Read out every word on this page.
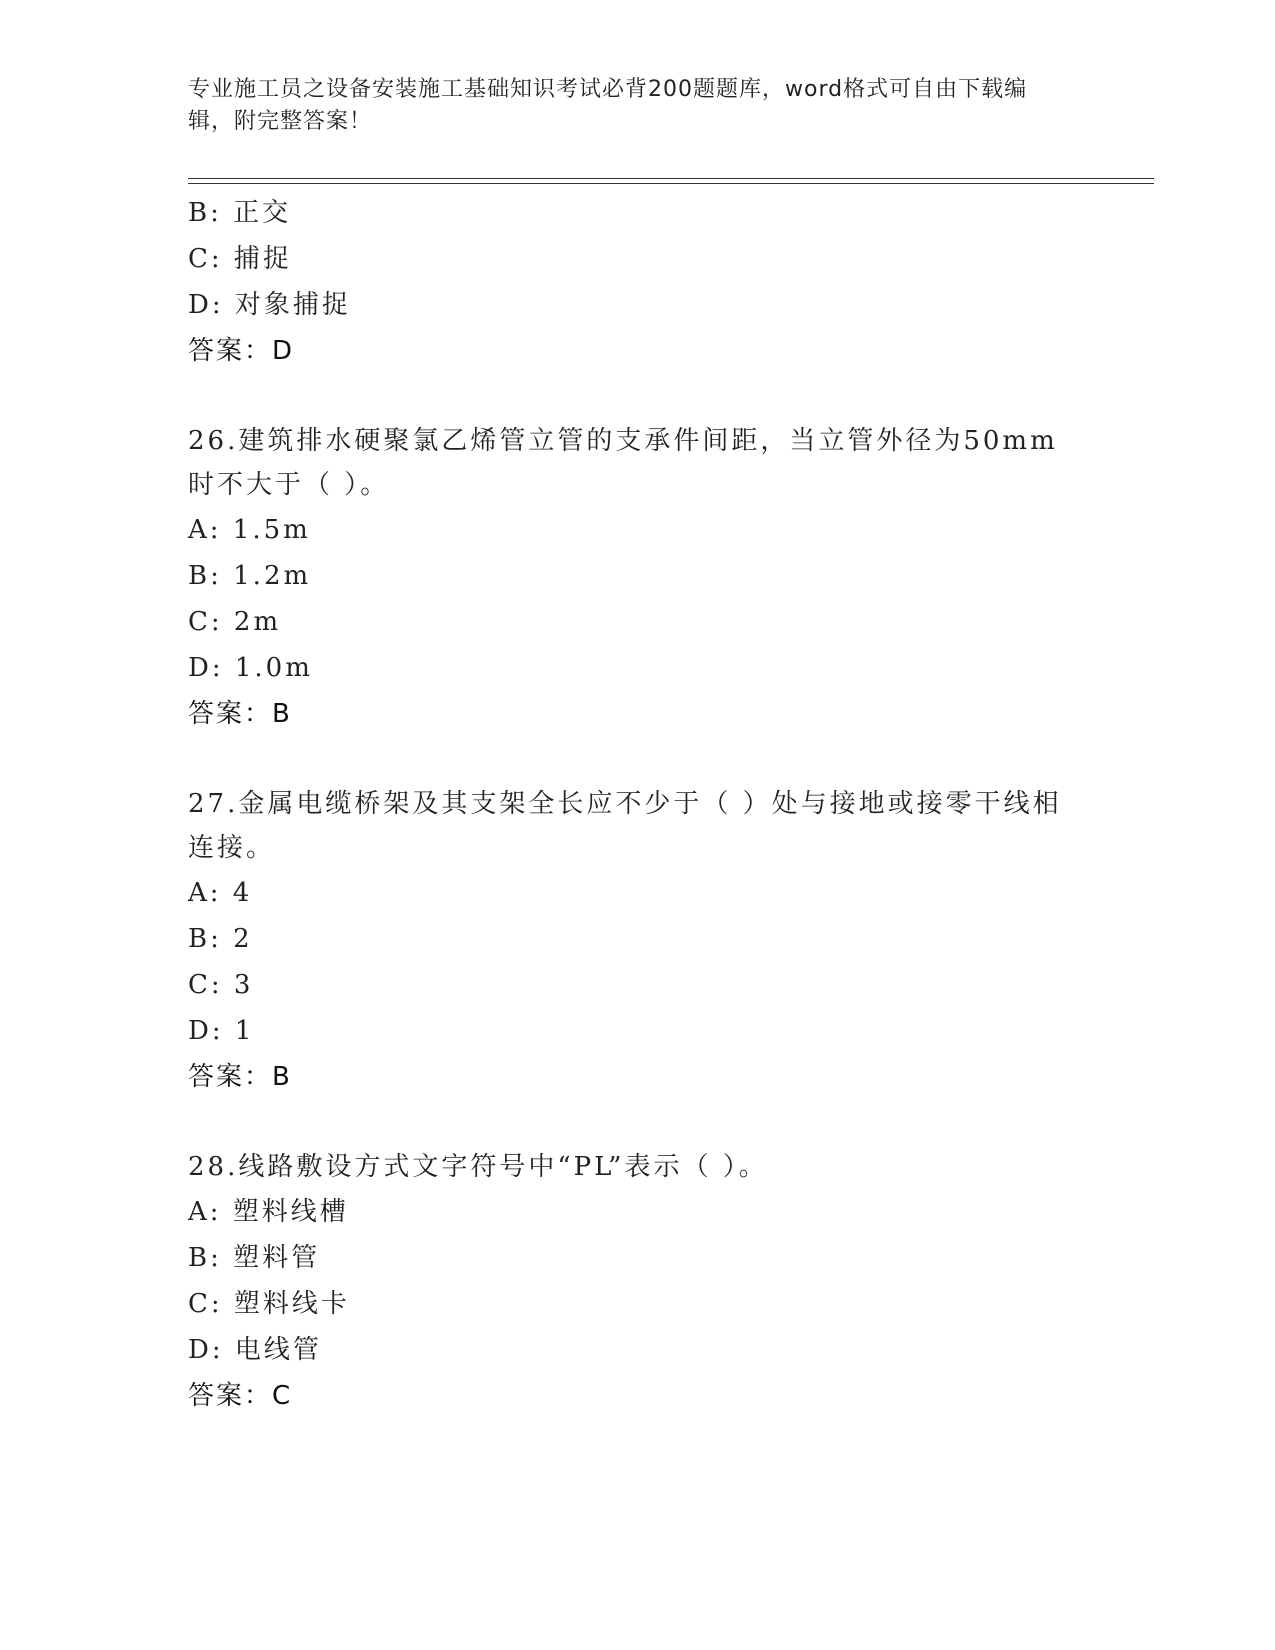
专业施工员之设备安装施工基础知识考试必背200题题库，word格式可自由下载编辑，附完整答案！
B: 正交
C: 捕捉
D: 对象捕捉
答案：D
26.建筑排水硬聚氯乙烯管立管的支承件间距，当立管外径为50mm时不大于（ ）。
A: 1.5m
B: 1.2m
C: 2m
D: 1.0m
答案：B
27.金属电缆桥架及其支架全长应不少于（ ）处与接地或接零干线相连接。
A: 4
B: 2
C: 3
D: 1
答案：B
28.线路敷设方式文字符号中“PL”表示（ ）。
A: 塑料线槽
B: 塑料管
C: 塑料线卡
D: 电线管
答案：C
